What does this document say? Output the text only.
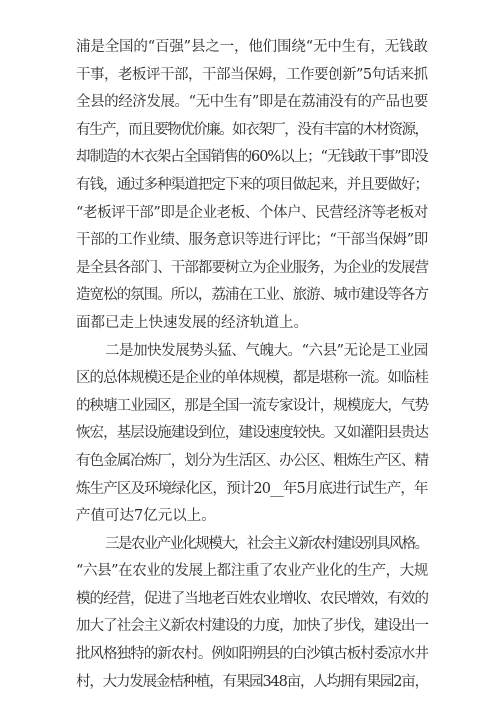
浦是全国的“百强”县之一，他们围绕“无中生有，无钱敢
干事，老板评干部，干部当保姆，工作要创新”5句话来抓
全县的经济发展。“无中生有”即是在荔浦没有的产品也要
有生产，而且要物优价廉。如衣架厂，没有丰富的木材资源，
却制造的木衣架占全国销售的60%以上；“无钱敢干事”即没
有钱，通过多种渠道把定下来的项目做起来，并且要做好；
“老板评干部”即是企业老板、个体户、民营经济等老板对
干部的工作业绩、服务意识等进行评比；“干部当保姆”即
是全县各部门、干部都要树立为企业服务，为企业的发展营
造宽松的氛围。所以，荔浦在工业、旅游、城市建设等各方
面都已走上快速发展的经济轨道上。
二是加快发展势头猛、气魄大。“六县”无论是工业园
区的总体规模还是企业的单体规模，都是堪称一流。如临桂
的秧塘工业园区，那是全国一流专家设计，规模庞大，气势
恢宏，基层设施建设到位，建设速度较快。又如灌阳县贵达
有色金属冶炼厂，划分为生活区、办公区、粗炼生产区、精
炼生产区及环境绿化区，预计20__年5月底进行试生产，年
产值可达7亿元以上。
三是农业产业化规模大，社会主义新农村建设别具风格。
“六县”在农业的发展上都注重了农业产业化的生产，大规
模的经营，促进了当地老百姓农业增收、农民增效，有效的
加大了社会主义新农村建设的力度，加快了步伐，建设出一
批风格独特的新农村。例如阳朔县的白沙镇古板村委凉水井
村，大力发展金桔种植，有果园348亩，人均拥有果园2亩，
